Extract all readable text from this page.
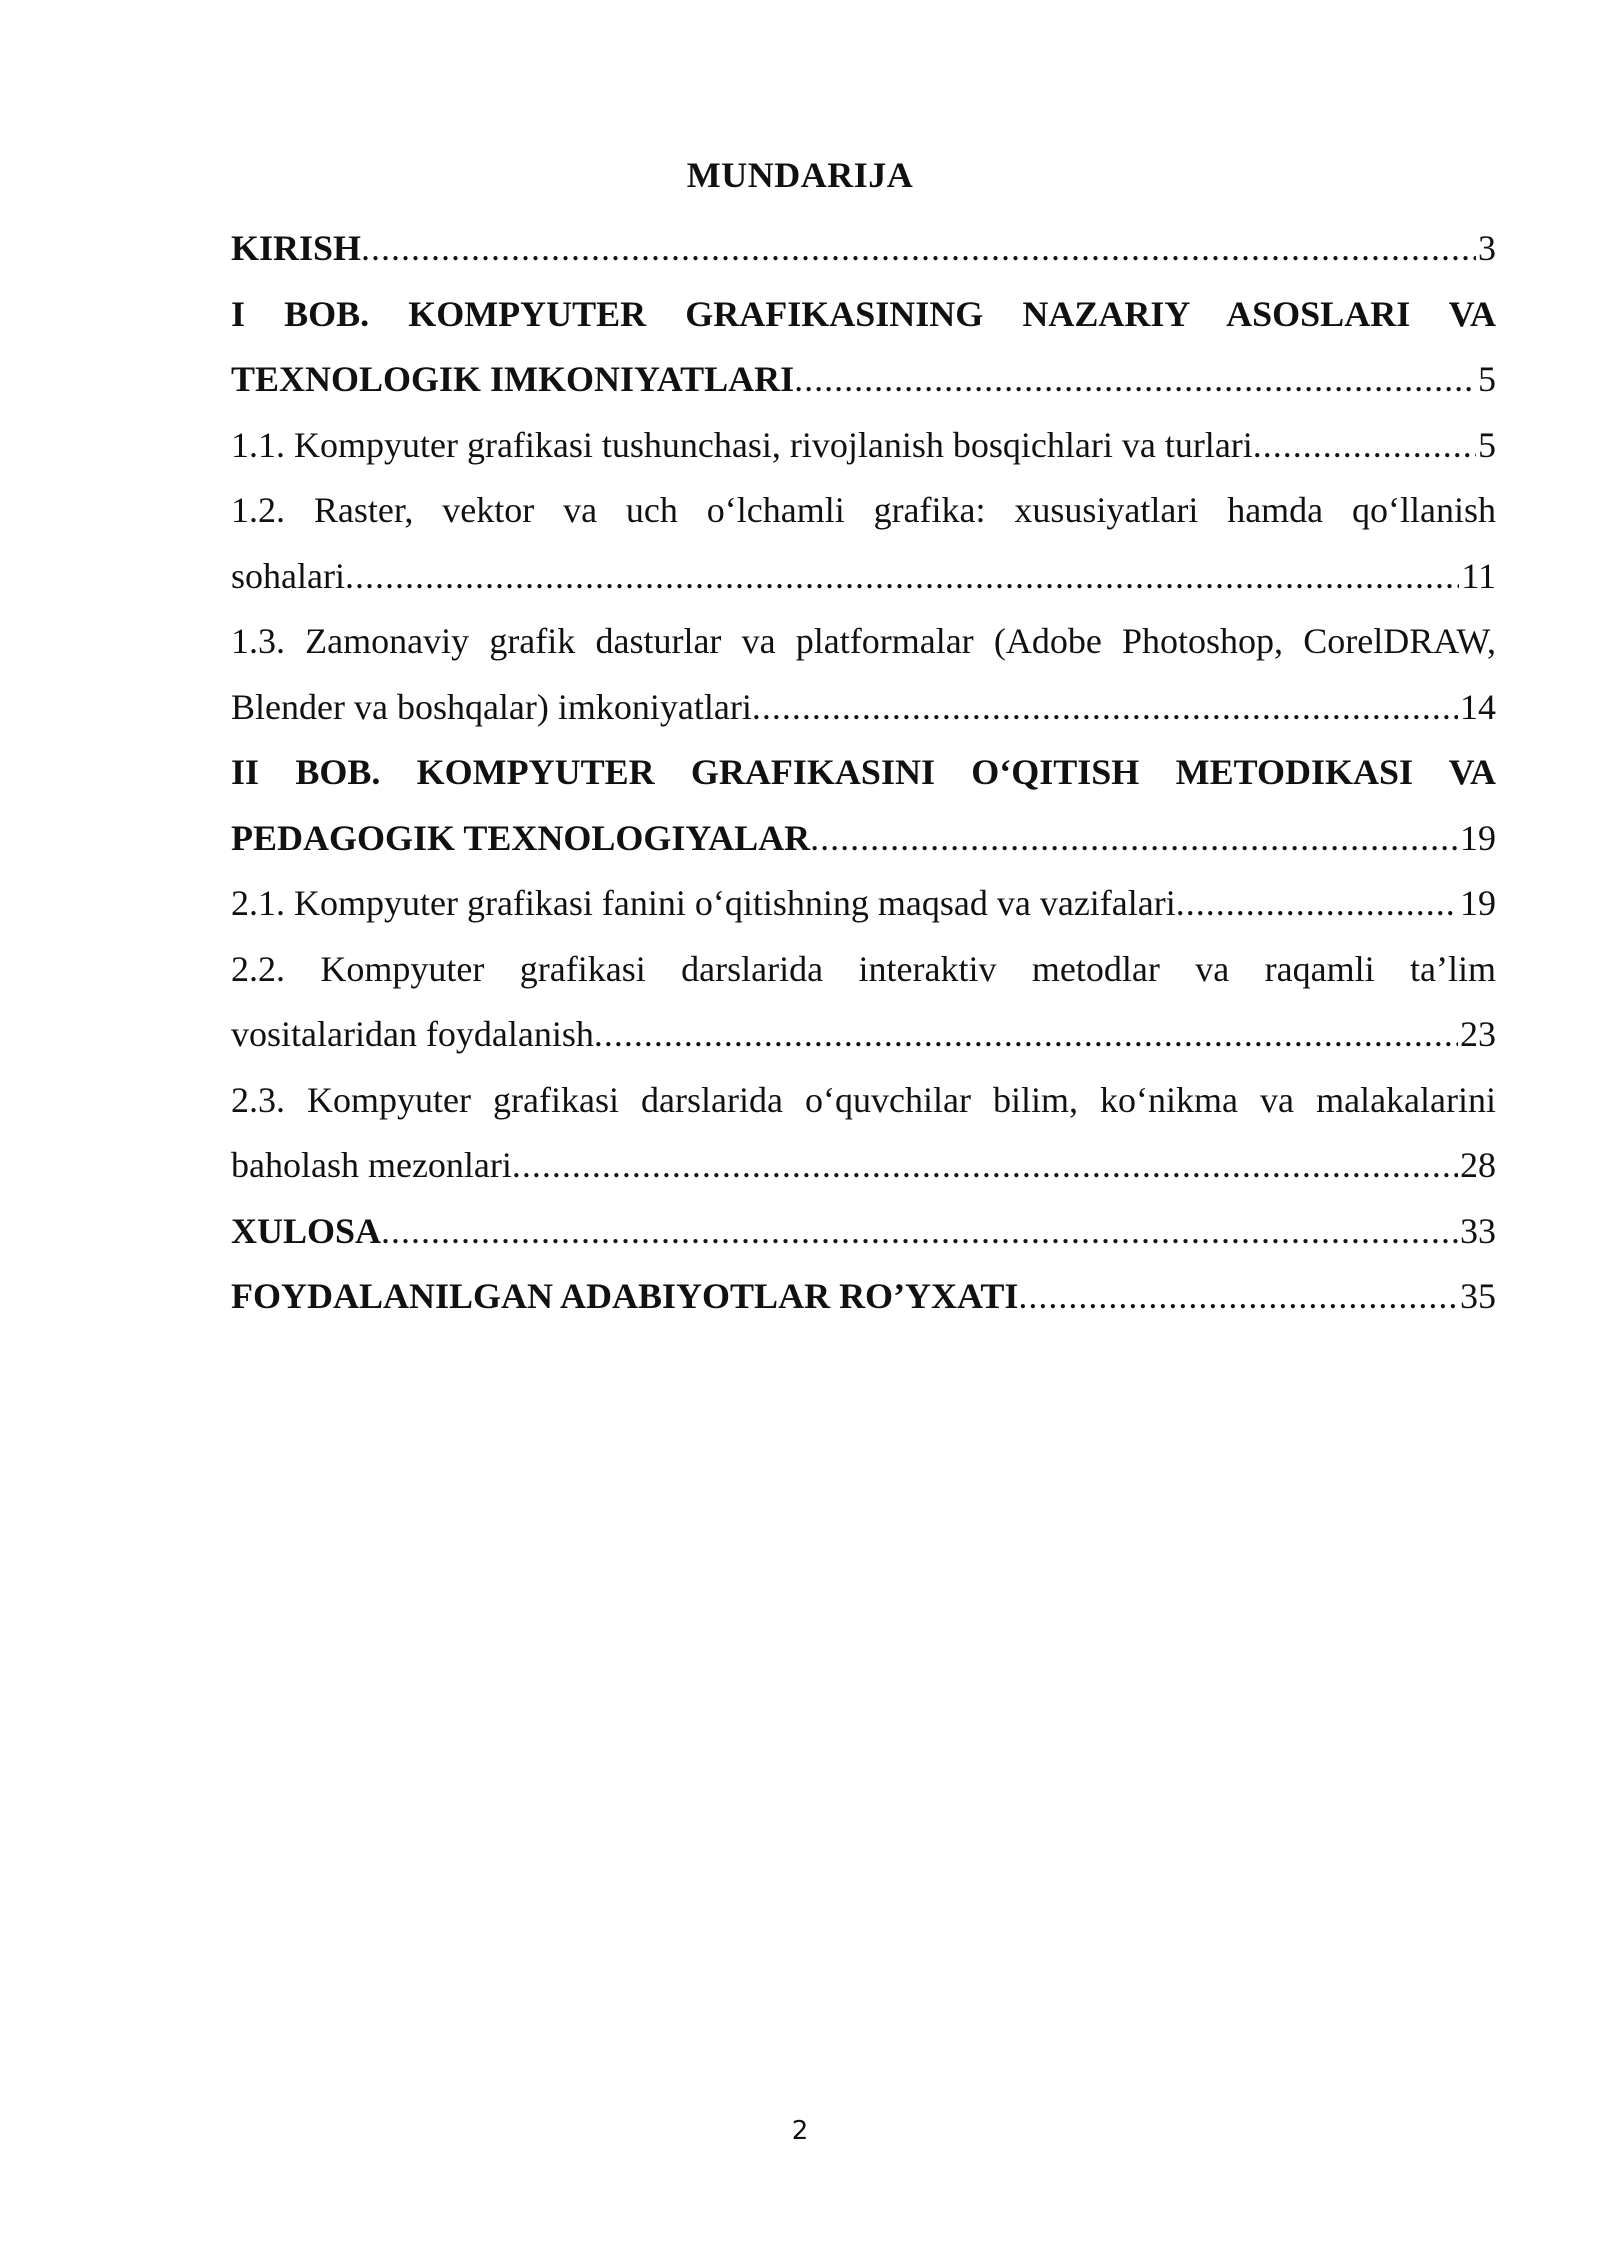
MUNDARIJA
KIRISH .....	3
I BOB. KOMPYUTER GRAFIKASINING NAZARIY ASOSLARI VA
TEXNOLOGIK IMKONIYATLARI .....	5
1.1. Kompyuter grafikasi tushunchasi, rivojlanish bosqichlari va turlari .....	5
1.2. Raster, vektor va uch o‘lchamli grafika: xususiyatlari hamda qo‘llanish
sohalari .....	11
1.3. Zamonaviy grafik dasturlar va platformalar (Adobe Photoshop, CorelDRAW,
Blender va boshqalar) imkoniyatlari .....	14
II BOB. KOMPYUTER GRAFIKASINI O‘QITISH METODIKASI VA
PEDAGOGIK TEXNOLOGIYALAR .....	19
2.1. Kompyuter grafikasi fanini o‘qitishning maqsad va vazifalari .....	19
2.2. Kompyuter grafikasi darslarida interaktiv metodlar va raqamli ta’lim
vositalaridan foydalanish .....	23
2.3. Kompyuter grafikasi darslarida o‘quvchilar bilim, ko‘nikma va malakalarini
baholash mezonlari .....	28
XULOSA .....	33
FOYDALANILGAN ADABIYOTLAR RO’YXATI .....	35
2
